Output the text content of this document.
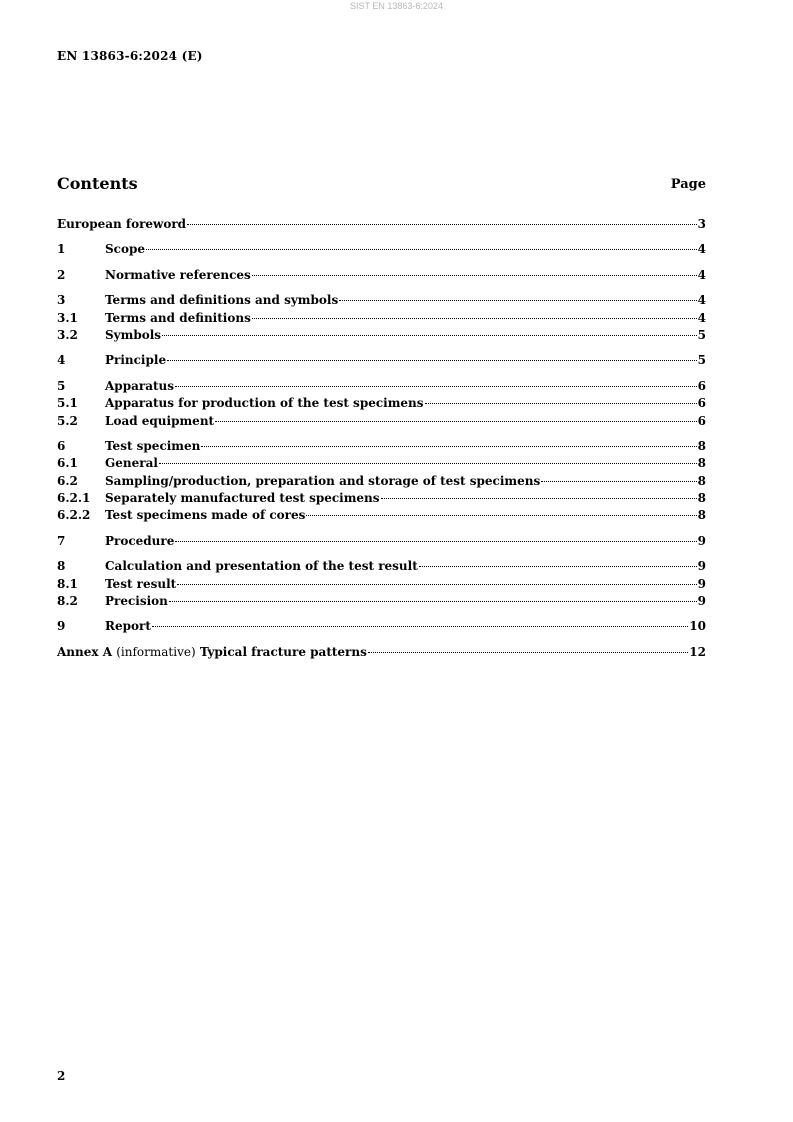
SIST EN 13863-6:2024
EN 13863-6:2024 (E)
Contents	Page
European foreword	3
1	Scope	4
2	Normative references	4
3	Terms and definitions and symbols	4
3.1	Terms and definitions	4
3.2	Symbols	5
4	Principle	5
5	Apparatus	6
5.1	Apparatus for production of the test specimens	6
5.2	Load equipment	6
6	Test specimen	8
6.1	General	8
6.2	Sampling/production, preparation and storage of test specimens	8
6.2.1	Separately manufactured test specimens	8
6.2.2	Test specimens made of cores	8
7	Procedure	9
8	Calculation and presentation of the test result	9
8.1	Test result	9
8.2	Precision	9
9	Report	10
Annex A (informative) Typical fracture patterns	12
2
